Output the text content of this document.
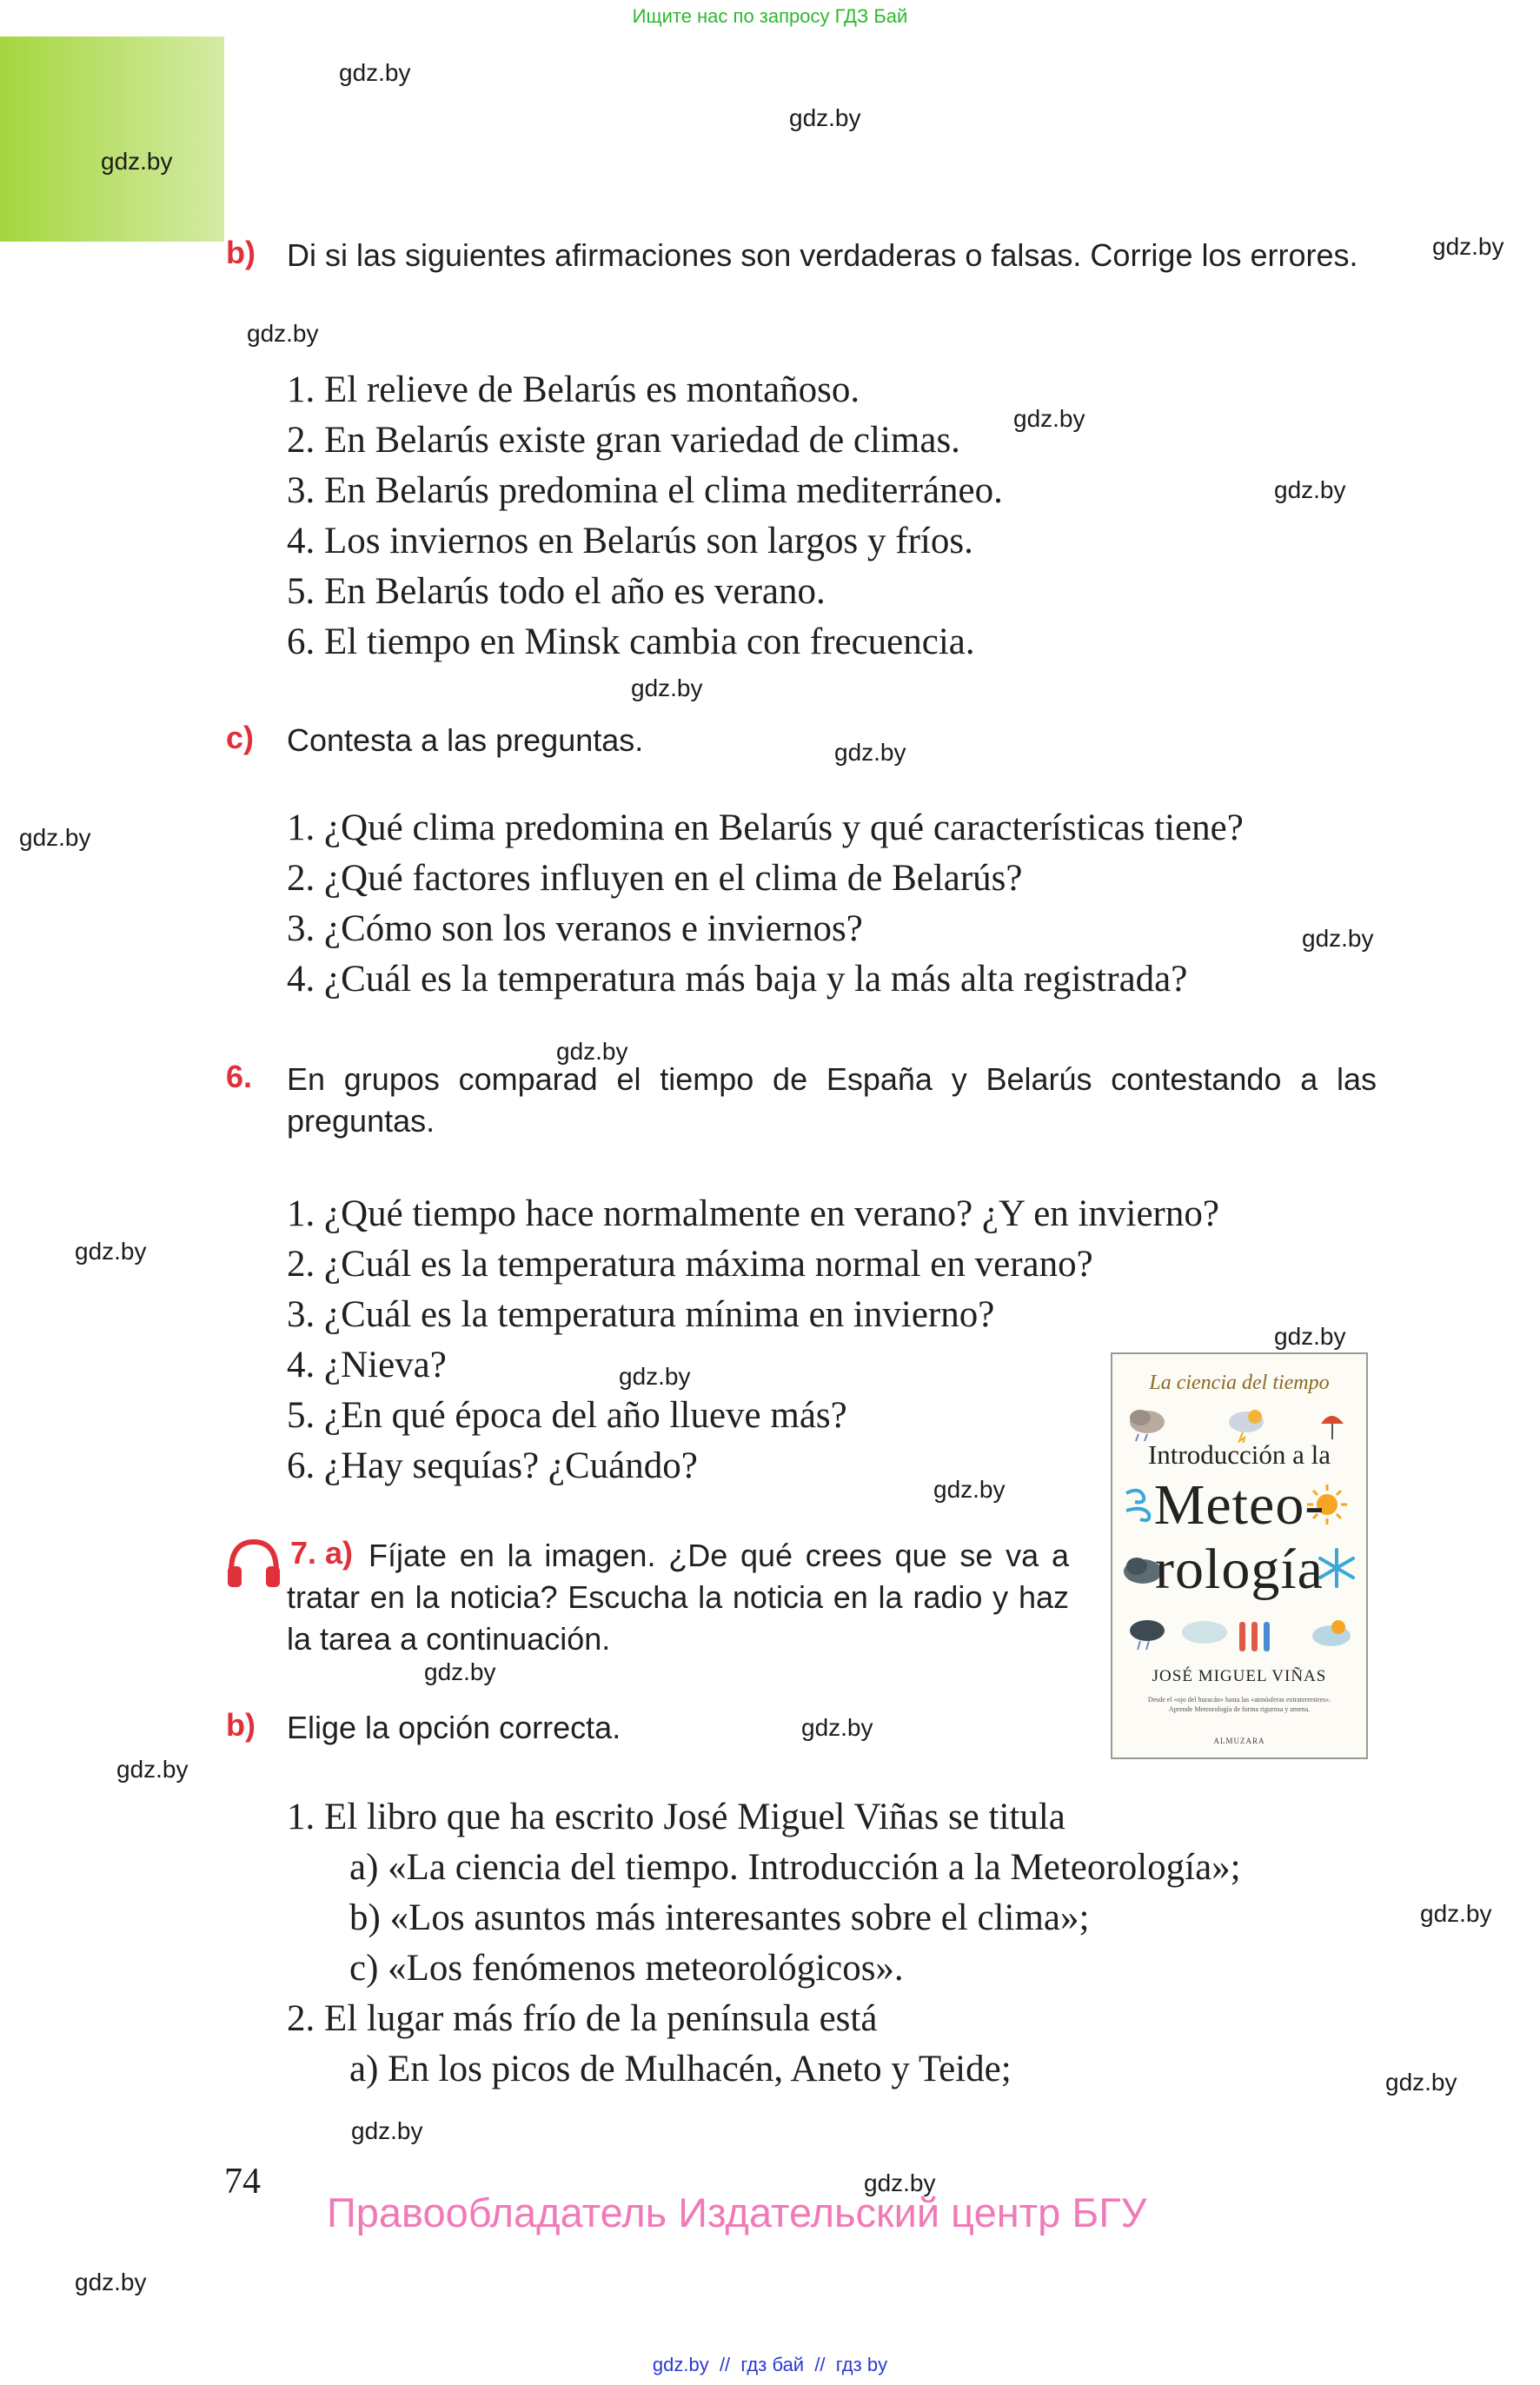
Ищите нас по запросу ГДЗ Бай
gdz.by
gdz.by
gdz.by
gdz.by
gdz.by
gdz.by
gdz.by
gdz.by
gdz.by
gdz.by
gdz.by
gdz.by
gdz.by
gdz.by
gdz.by
gdz.by
gdz.by
gdz.by
gdz.by
gdz.by
gdz.by
gdz.by
gdz.by
gdz.by
b) Di si las siguientes afirmaciones son verdaderas o falsas. Corrige los errores.
1. El relieve de Belarús es montañoso.
2. En Belarús existe gran variedad de climas.
3. En Belarús predomina el clima mediterráneo.
4. Los inviernos en Belarús son largos y fríos.
5. En Belarús todo el año es verano.
6. El tiempo en Minsk cambia con frecuencia.
c) Contesta a las preguntas.
1. ¿Qué clima predomina en Belarús y qué características tiene?
2. ¿Qué factores influyen en el clima de Belarús?
3. ¿Cómo son los veranos e inviernos?
4. ¿Cuál es la temperatura más baja y la más alta registrada?
6. En grupos comparad el tiempo de España y Belarús contestando a las preguntas.
1. ¿Qué tiempo hace normalmente en verano? ¿Y en invierno?
2. ¿Cuál es la temperatura máxima normal en verano?
3. ¿Cuál es la temperatura mínima en invierno?
4. ¿Nieva?
5. ¿En qué época del año llueve más?
6. ¿Hay sequías? ¿Cuándo?
7. a) Fíjate en la imagen. ¿De qué crees que se va a tratar en la noticia? Escucha la noticia en la radio y haz la tarea a continuación.
b) Elige la opción correcta.
1. El libro que ha escrito José Miguel Viñas se titula
a) «La ciencia del tiempo. Introducción a la Meteorología»;
b) «Los asuntos más interesantes sobre el clima»;
c) «Los fenómenos meteorológicos».
2. El lugar más frío de la península está
a) En los picos de Mulhacén, Aneto y Teide;
La ciencia del tiempo
Introducción a la
Meteo-
rología
JOSÉ MIGUEL VIÑAS
Desde el «ojo del huracán» hasta las «atmósferas extraterrestres». Aprende Meteorología de forma rigurosa y amena.
ALMUZARA
74
Правообладатель Издательский центр БГУ
gdz.by  //  гдз бай  //  гдз by
